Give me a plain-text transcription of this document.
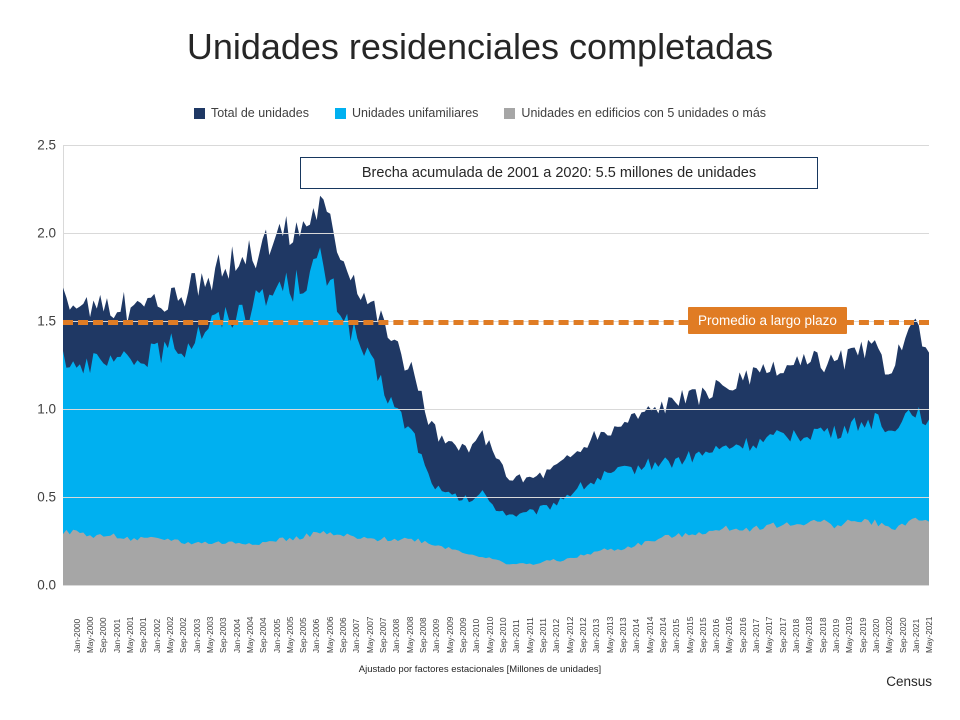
Unidades residenciales completadas
Total de unidades	Unidades unifamiliares	Unidades en edificios con 5 unidades o más
0.0
0.5
1.0
1.5
2.0
2.5
Promedio a largo plazo
Brecha acumulada de 2001 a 2020: 5.5 millones de unidades
Jan-2000 May-2000 Sep-2000 Jan-2001 May-2001 Sep-2001 Jan-2002 May-2002 Sep-2002 Jan-2003 May-2003 Sep-2003 Jan-2004 May-2004 Sep-2004 Jan-2005 May-2005 Sep-2005 Jan-2006 May-2006 Sep-2006 Jan-2007 May-2007 Sep-2007 Jan-2008 May-2008 Sep-2008 Jan-2009 May-2009 Sep-2009 Jan-2010 May-2010 Sep-2010 Jan-2011 May-2011 Sep-2011 Jan-2012 May-2012 Sep-2012 Jan-2013 May-2013 Sep-2013 Jan-2014 May-2014 Sep-2014 Jan-2015 May-2015 Sep-2015 Jan-2016 May-2016 Sep-2016 Jan-2017 May-2017 Sep-2017 Jan-2018 May-2018 Sep-2018 Jan-2019 May-2019 Sep-2019 Jan-2020 May-2020 Sep-2020 Jan-2021 May-2021
Ajustado por factores estacionales [Millones de unidades]
Census
